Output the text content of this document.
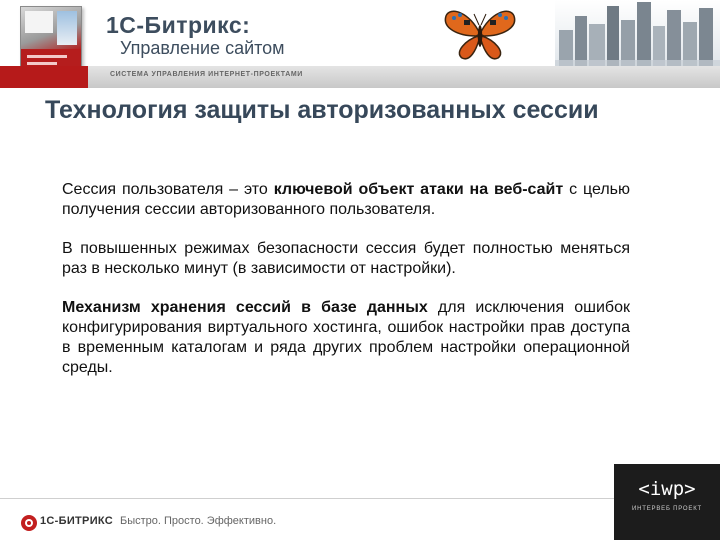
1С-Битрикс:
Управление сайтом
СИСТЕМА УПРАВЛЕНИЯ ИНТЕРНЕТ-ПРОЕКТАМИ
Технология защиты авторизованных сессии

Сессия пользователя – это ключевой объект атаки на веб-сайт с целью получения сессии авторизованного пользователя.

В повышенных режимах безопасности сессия будет полностью меняться раз в несколько минут (в зависимости от настройки).

Механизм хранения сессий в базе данных для исключения ошибок конфигурирования виртуального хостинга, ошибок настройки прав доступа в временным каталогам и ряда других проблем настройки операционной среды.

1С-БИТРИКС Быстро. Просто. Эффективно.
<iwp>
ИНТЕРВЕБ ПРОЕКТ
